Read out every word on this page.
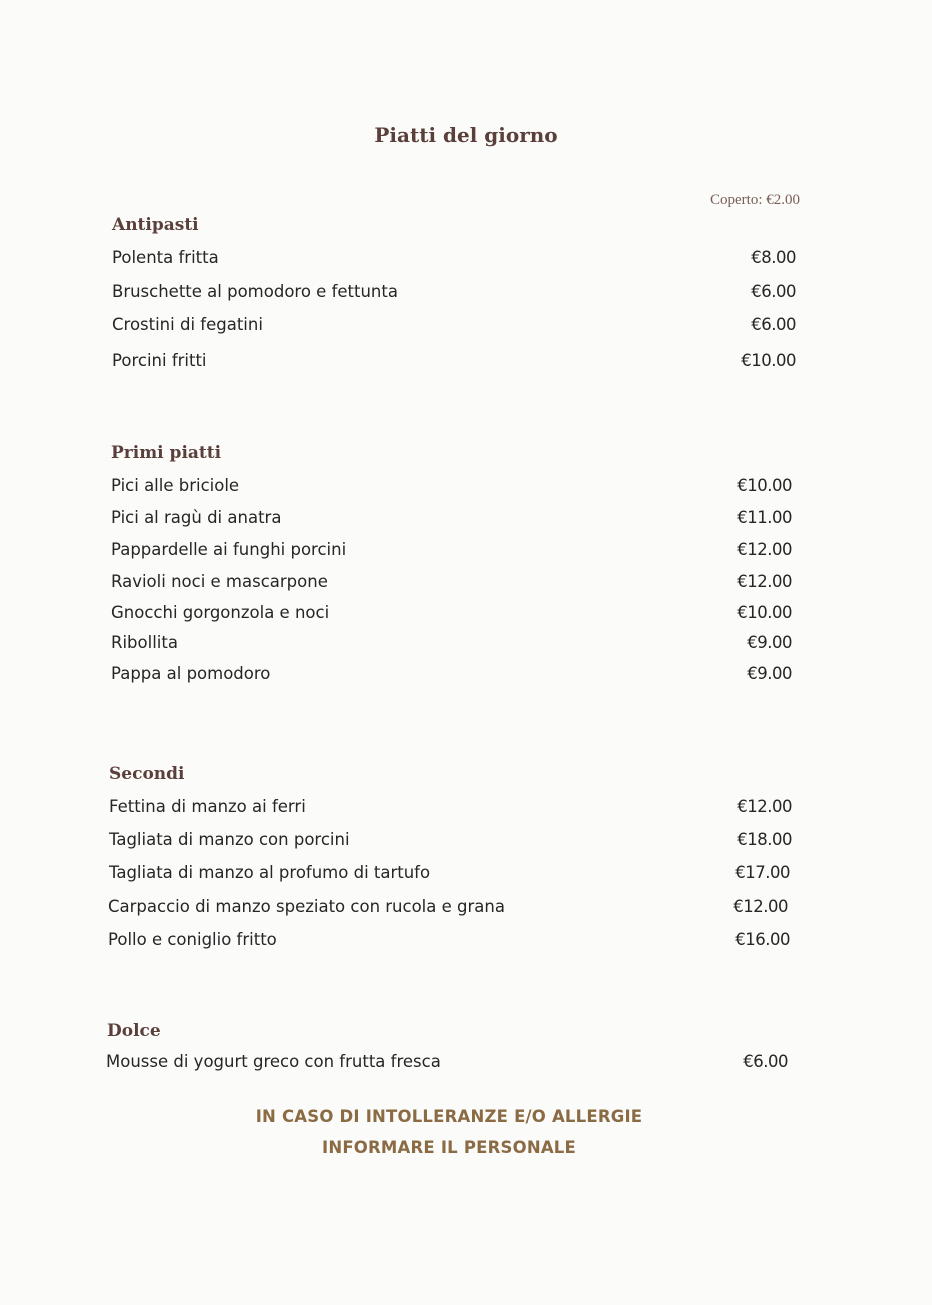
Piatti del giorno
Coperto: €2.00
Antipasti
Polenta fritta	€8.00
Bruschette al pomodoro e fettunta	€6.00
Crostini di fegatini	€6.00
Porcini fritti	€10.00
Primi piatti
Pici alle briciole	€10.00
Pici al ragù di anatra	€11.00
Pappardelle ai funghi porcini	€12.00
Ravioli noci e mascarpone	€12.00
Gnocchi gorgonzola e noci	€10.00
Ribollita	€9.00
Pappa al pomodoro	€9.00
Secondi
Fettina di manzo ai ferri	€12.00
Tagliata di manzo con porcini	€18.00
Tagliata di manzo al profumo di tartufo	€17.00
Carpaccio di manzo speziato con rucola e grana	€12.00
Pollo e coniglio fritto	€16.00
Dolce
Mousse di yogurt greco con frutta fresca	€6.00
IN CASO DI INTOLLERANZE E/O ALLERGIE
INFORMARE IL PERSONALE
